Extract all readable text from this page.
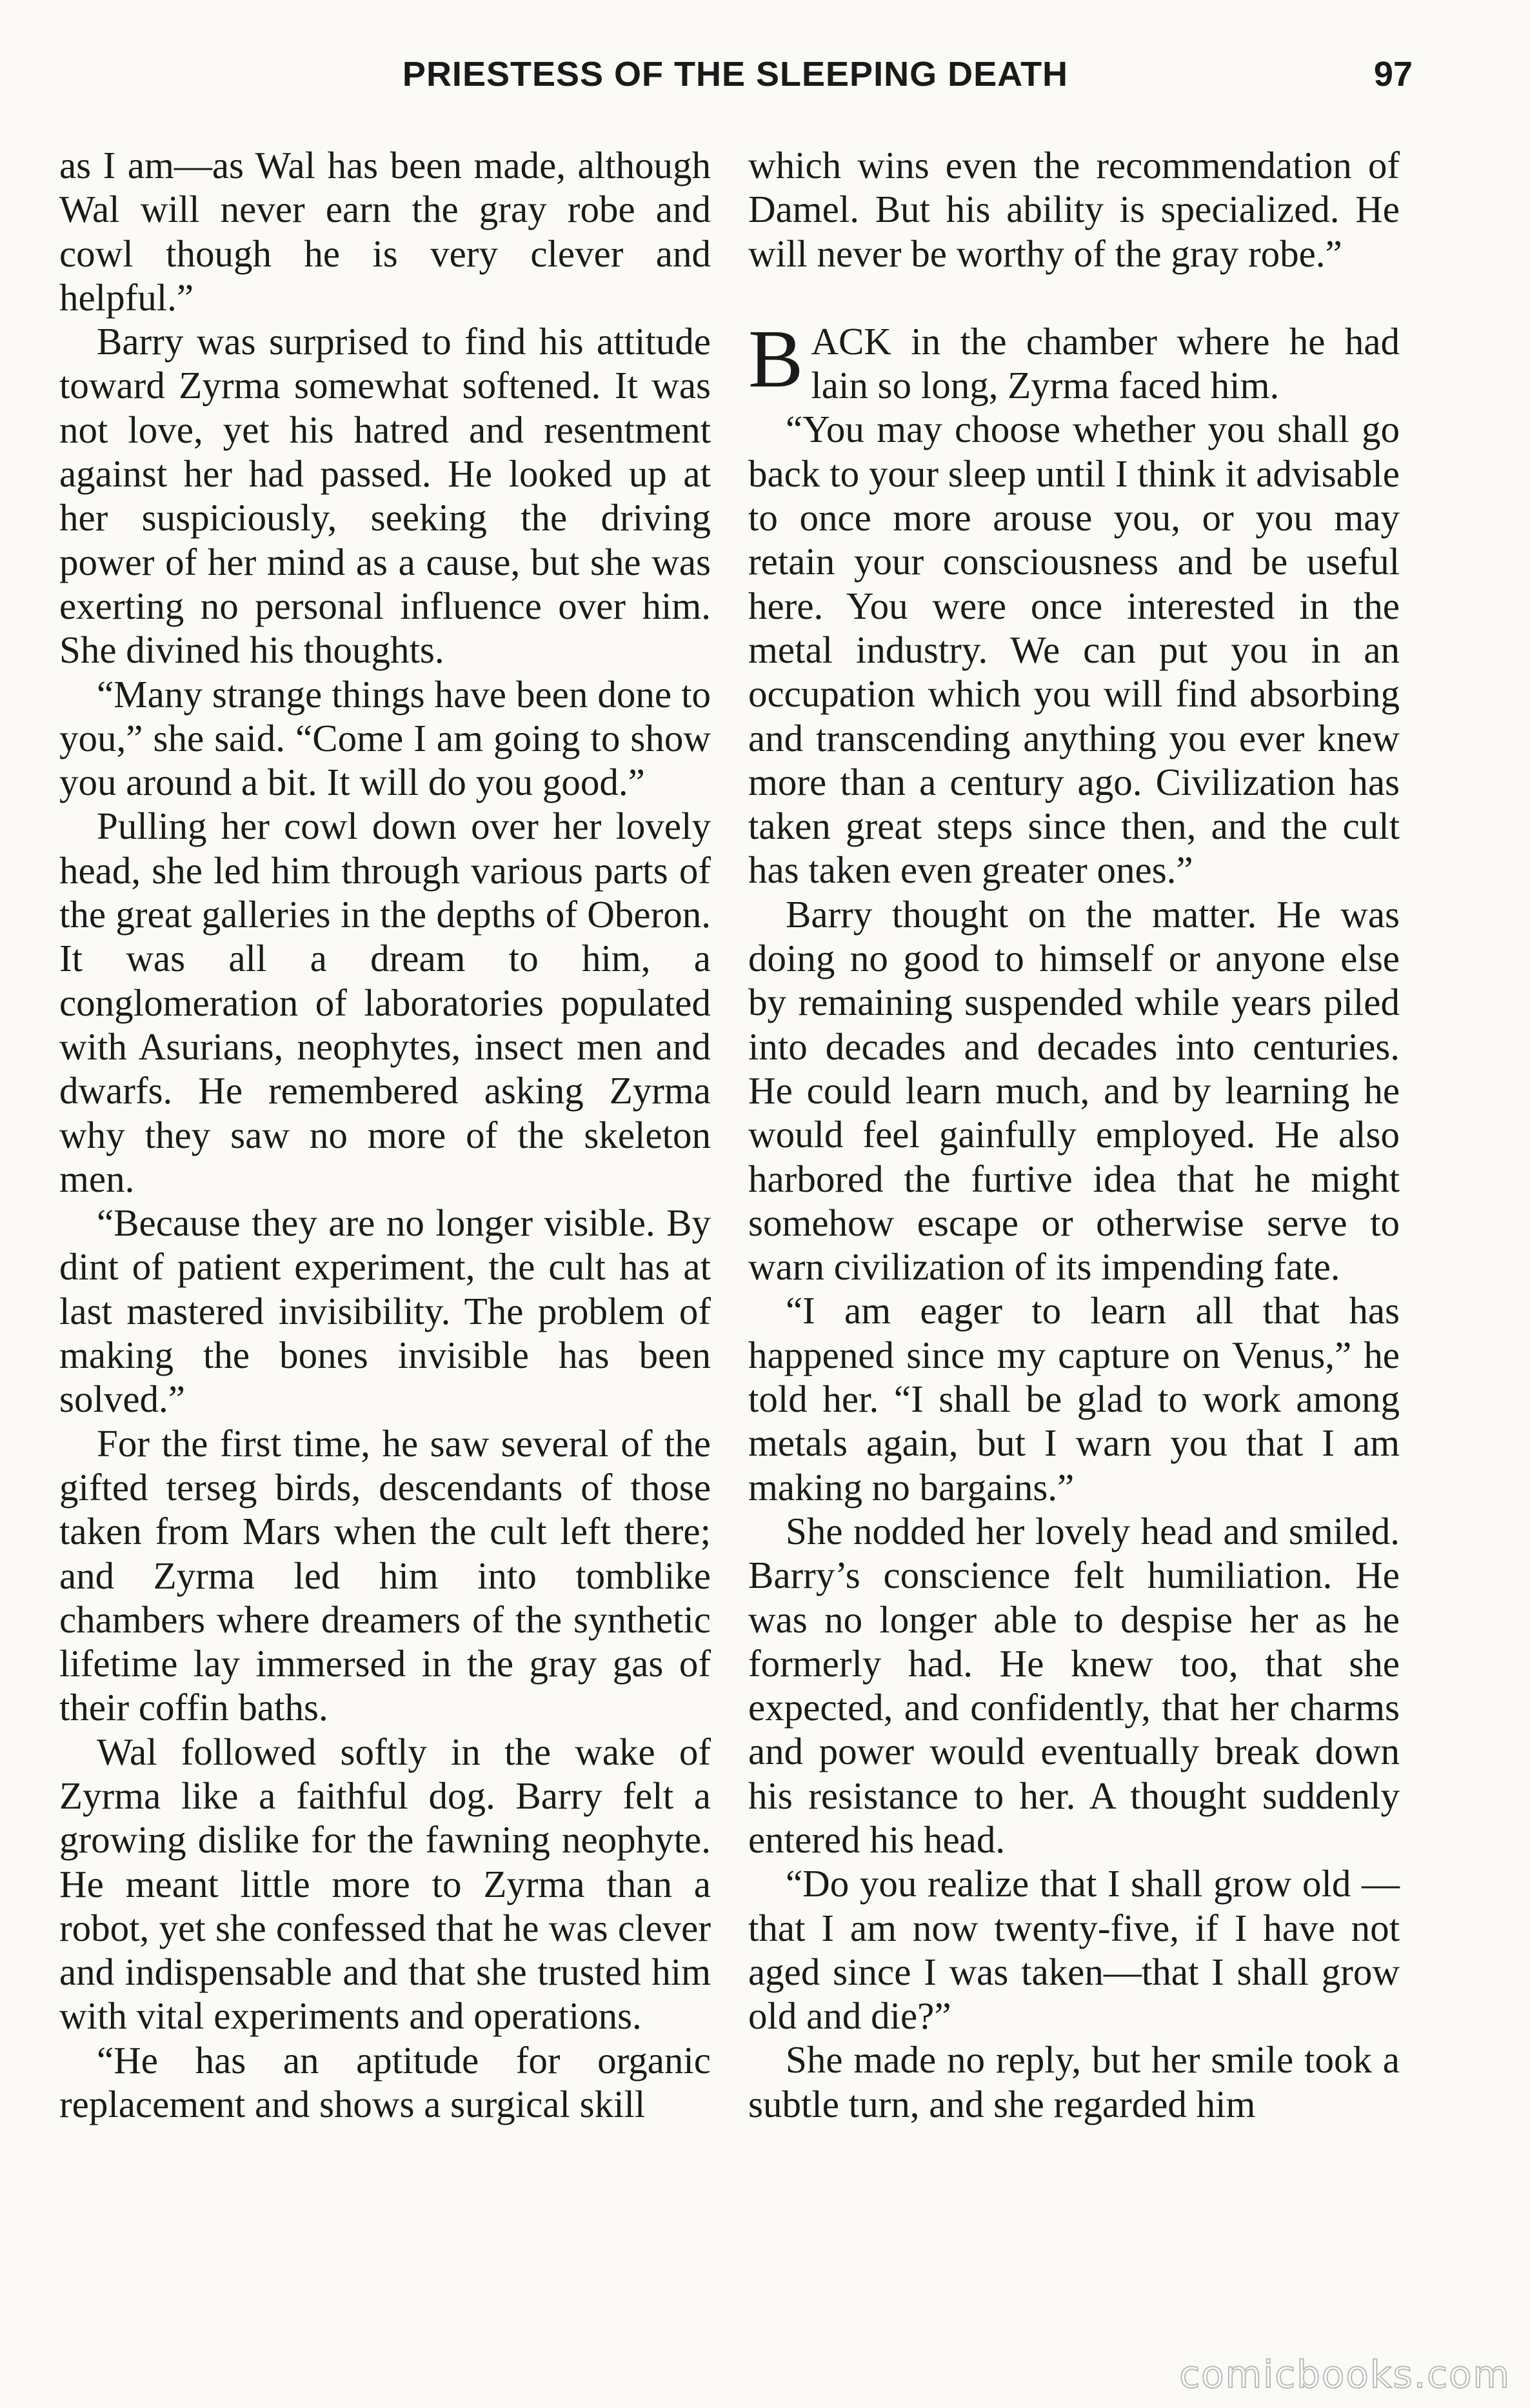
PRIESTESS OF THE SLEEPING DEATH	97

as I am—as Wal has been made, although Wal will never earn the gray robe and cowl though he is very clever and helpful.”

Barry was surprised to find his attitude toward Zyrma somewhat softened. It was not love, yet his hatred and resentment against her had passed. He looked up at her suspiciously, seeking the driving power of her mind as a cause, but she was exerting no personal influence over him. She divined his thoughts.

“Many strange things have been done to you,” she said. “Come I am going to show you around a bit. It will do you good.”

Pulling her cowl down over her lovely head, she led him through various parts of the great galleries in the depths of Oberon. It was all a dream to him, a conglomeration of laboratories populated with Asurians, neophytes, insect men and dwarfs. He remembered asking Zyrma why they saw no more of the skeleton men.

“Because they are no longer visible. By dint of patient experiment, the cult has at last mastered invisibility. The problem of making the bones invisible has been solved.”

For the first time, he saw several of the gifted terseg birds, descendants of those taken from Mars when the cult left there; and Zyrma led him into tomblike chambers where dreamers of the synthetic lifetime lay immersed in the gray gas of their coffin baths.

Wal followed softly in the wake of Zyrma like a faithful dog. Barry felt a growing dislike for the fawning neophyte. He meant little more to Zyrma than a robot, yet she confessed that he was clever and indispensable and that she trusted him with vital experiments and operations.

“He has an aptitude for organic replacement and shows a surgical skill

which wins even the recommendation of Damel. But his ability is specialized. He will never be worthy of the gray robe.”

BACK in the chamber where he had lain so long, Zyrma faced him.

“You may choose whether you shall go back to your sleep until I think it advisable to once more arouse you, or you may retain your consciousness and be useful here. You were once interested in the metal industry. We can put you in an occupation which you will find absorbing and transcending anything you ever knew more than a century ago. Civilization has taken great steps since then, and the cult has taken even greater ones.”

Barry thought on the matter. He was doing no good to himself or anyone else by remaining suspended while years piled into decades and decades into centuries. He could learn much, and by learning he would feel gainfully employed. He also harbored the furtive idea that he might somehow escape or otherwise serve to warn civilization of its impending fate.

“I am eager to learn all that has happened since my capture on Venus,” he told her. “I shall be glad to work among metals again, but I warn you that I am making no bargains.”

She nodded her lovely head and smiled. Barry’s conscience felt humiliation. He was no longer able to despise her as he formerly had. He knew too, that she expected, and confidently, that her charms and power would eventually break down his resistance to her. A thought suddenly entered his head.

“Do you realize that I shall grow old —that I am now twenty-five, if I have not aged since I was taken—that I shall grow old and die?”

She made no reply, but her smile took a subtle turn, and she regarded him

comicbooks.com
